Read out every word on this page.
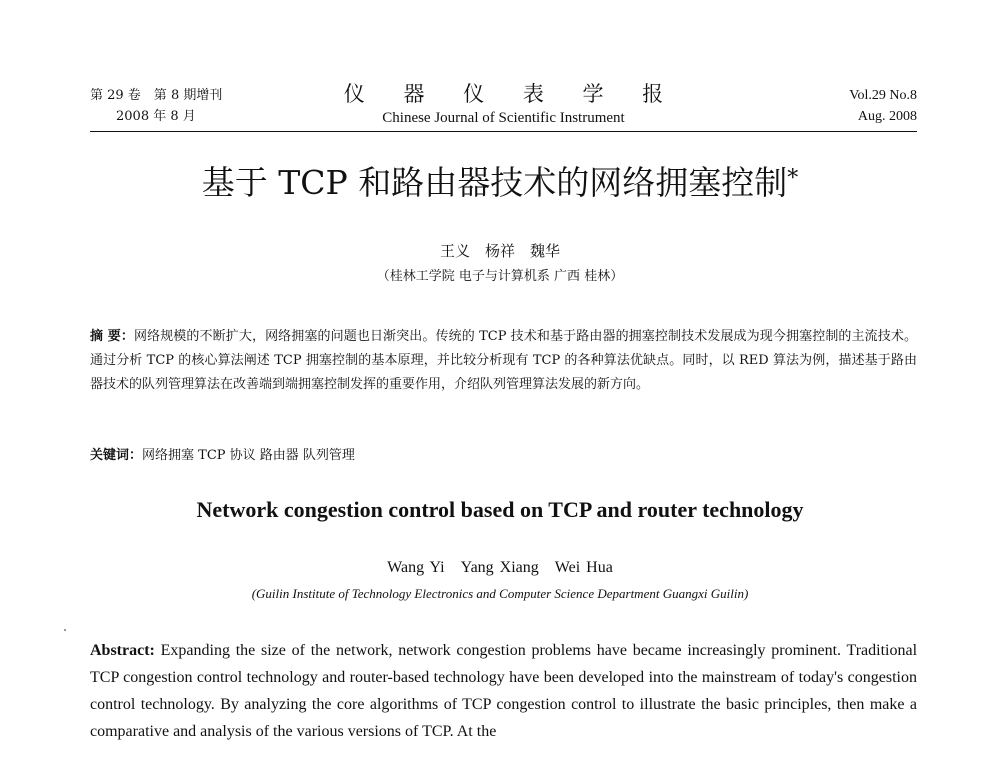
第 29 卷　第 8 期增刊
2008 年 8 月
仪 器 仪 表 学 报
Chinese Journal of Scientific Instrument
Vol.29 No.8
Aug. 2008
基于 TCP 和路由器技术的网络拥塞控制*
王义　杨祥　魏华
（桂林工学院 电子与计算机系 广西 桂林）
摘 要：网络规模的不断扩大，网络拥塞的问题也日渐突出。传统的 TCP 技术和基于路由器的拥塞控制技术发展成为现今拥塞控制的主流技术。通过分析 TCP 的核心算法阐述 TCP 拥塞控制的基本原理，并比较分析现有 TCP 的各种算法优缺点。同时，以 RED 算法为例，描述基于路由器技术的队列管理算法在改善端到端拥塞控制发挥的重要作用，介绍队列管理算法发展的新方向。
关键词：网络拥塞 TCP 协议 路由器 队列管理
Network congestion control based on TCP and router technology
Wang Yi Yang Xiang Wei Hua
(Guilin Institute of Technology Electronics and Computer Science Department Guangxi Guilin)
Abstract: Expanding the size of the network, network congestion problems have became increasingly prominent. Traditional TCP congestion control technology and router-based technology have been developed into the mainstream of today's congestion control technology. By analyzing the core algorithms of TCP congestion control to illustrate the basic principles, then make a comparative and analysis of the various versions of TCP. At the
